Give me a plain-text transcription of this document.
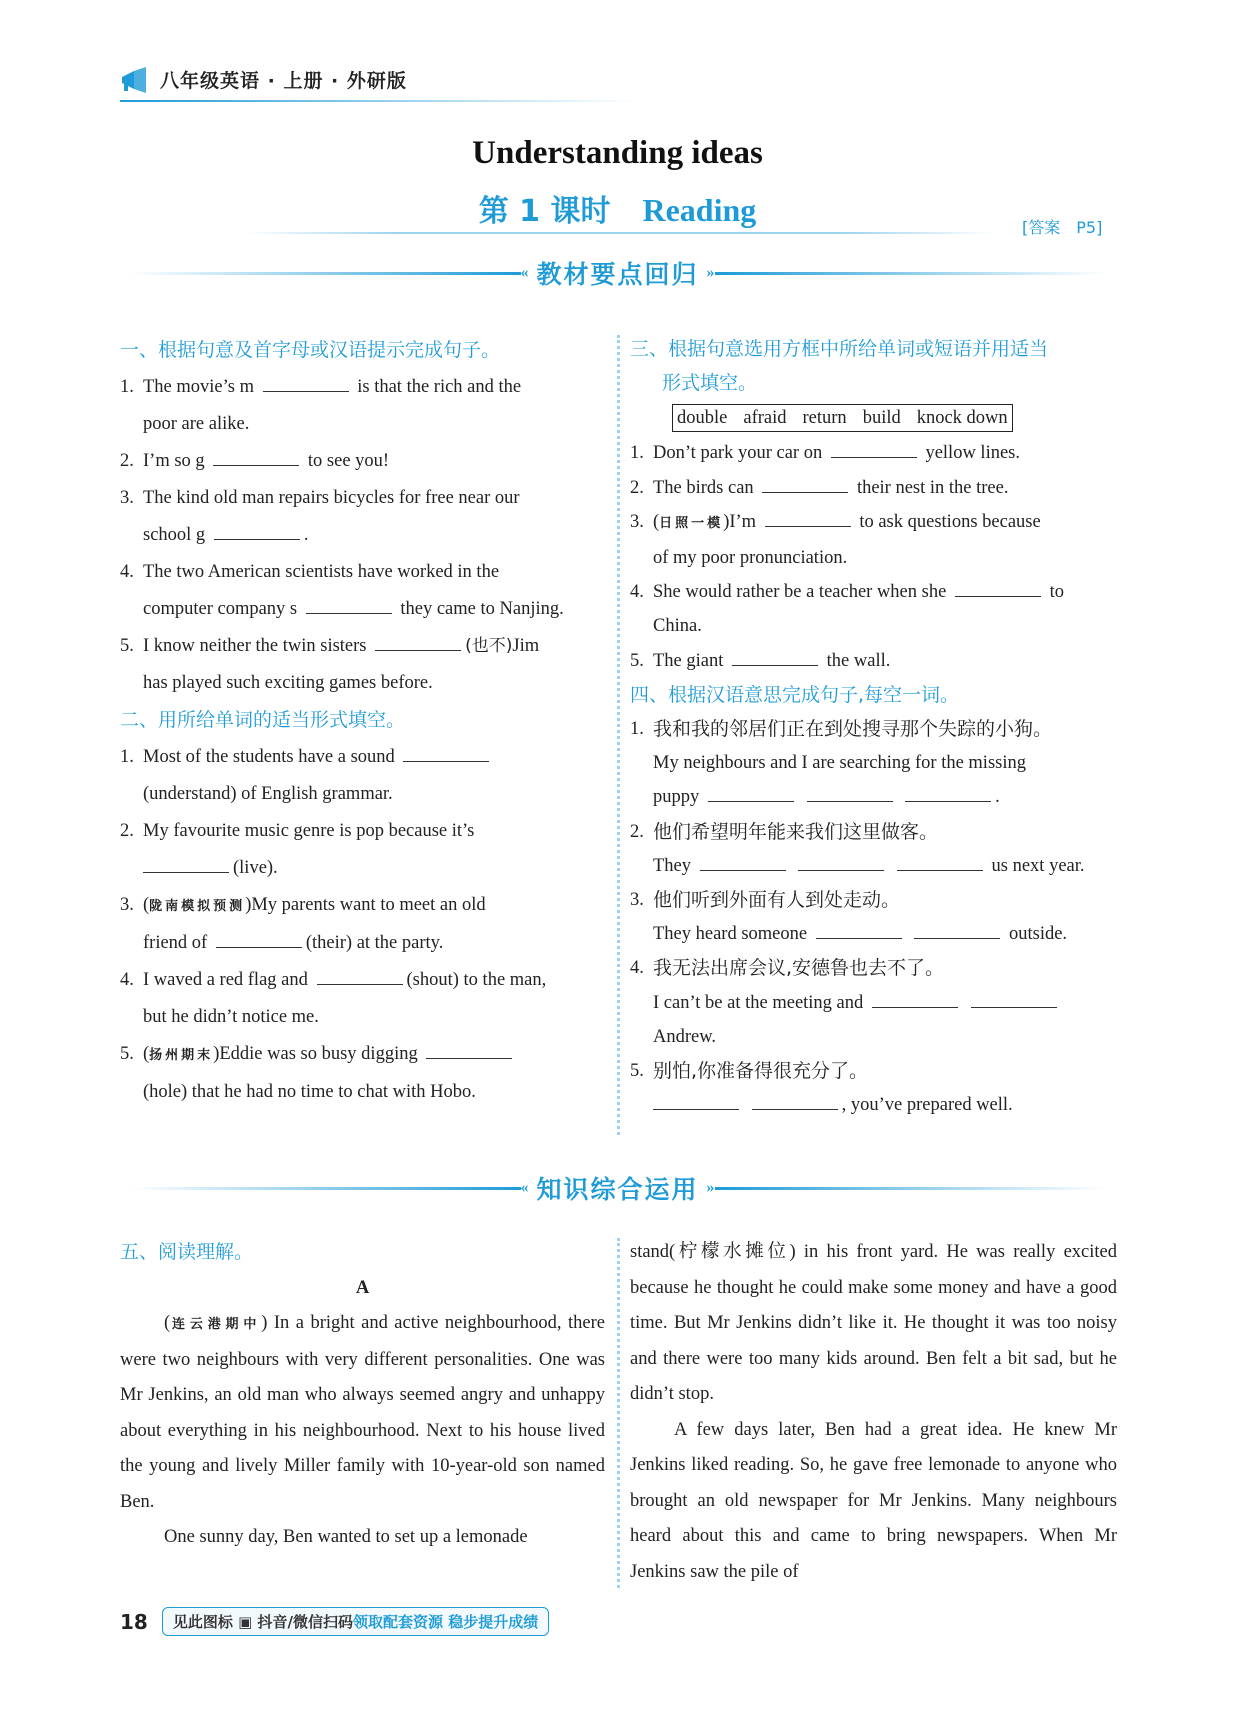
八年级英语 · 上册 · 外研版
Understanding ideas
第 1 课时 Reading	[答案　P5]
« 教材要点回归 »
一、根据句意及首字母或汉语提示完成句子。
1. The movie’s m	is that the rich and the
poor are alike.
2. I’m so g	to see you!
3. The kind old man repairs bicycles for free near our
school g	.
4. The two American scientists have worked in the
computer company s	they came to Nanjing.
5. I know neither the twin sisters	(也不)Jim
has played such exciting games before.
二、用所给单词的适当形式填空。
1. Most of the students have a sound
(understand) of English grammar.
2. My favourite music genre is pop because it’s
(live).
3. (陇南模拟预测)My parents want to meet an old
friend of	(their) at the party.
4. I waved a red flag and	(shout) to the man,
but he didn’t notice me.
5. (扬州期末)Eddie was so busy digging
(hole) that he had no time to chat with Hobo.
三、根据句意选用方框中所给单词或短语并用适当
形式填空。
double afraid return build knock down
1. Don’t park your car on	yellow lines.
2. The birds can	their nest in the tree.
3. (日照一模)I’m	to ask questions because
of my poor pronunciation.
4. She would rather be a teacher when she	to
China.
5. The giant	the wall.
四、根据汉语意思完成句子,每空一词。
1. 我和我的邻居们正在到处搜寻那个失踪的小狗。
My neighbours and I are searching for the missing
puppy	.
2. 他们希望明年能来我们这里做客。
They	us next year.
3. 他们听到外面有人到处走动。
They heard someone	outside.
4. 我无法出席会议,安德鲁也去不了。
I can’t be at the meeting and
Andrew.
5. 别怕,你准备得很充分了。
, you’ve prepared well.
« 知识综合运用 »
五、阅读理解。
A
(连云港期中) In a bright and active neighbourhood, there were two neighbours with very different personalities. One was Mr Jenkins, an old man who always seemed angry and unhappy about everything in his neighbourhood. Next to his house lived the young and lively Miller family with 10-year-old son named Ben.
One sunny day, Ben wanted to set up a lemonade
stand(柠檬水摊位) in his front yard. He was really excited because he thought he could make some money and have a good time. But Mr Jenkins didn’t like it. He thought it was too noisy and there were too many kids around. Ben felt a bit sad, but he didn’t stop.
A few days later, Ben had a great idea. He knew Mr Jenkins liked reading. So, he gave free lemonade to anyone who brought an old newspaper for Mr Jenkins. Many neighbours heard about this and came to bring newspapers. When Mr Jenkins saw the pile of
18	见此图标 ▣ 抖音/微信扫码领取配套资源 稳步提升成绩
